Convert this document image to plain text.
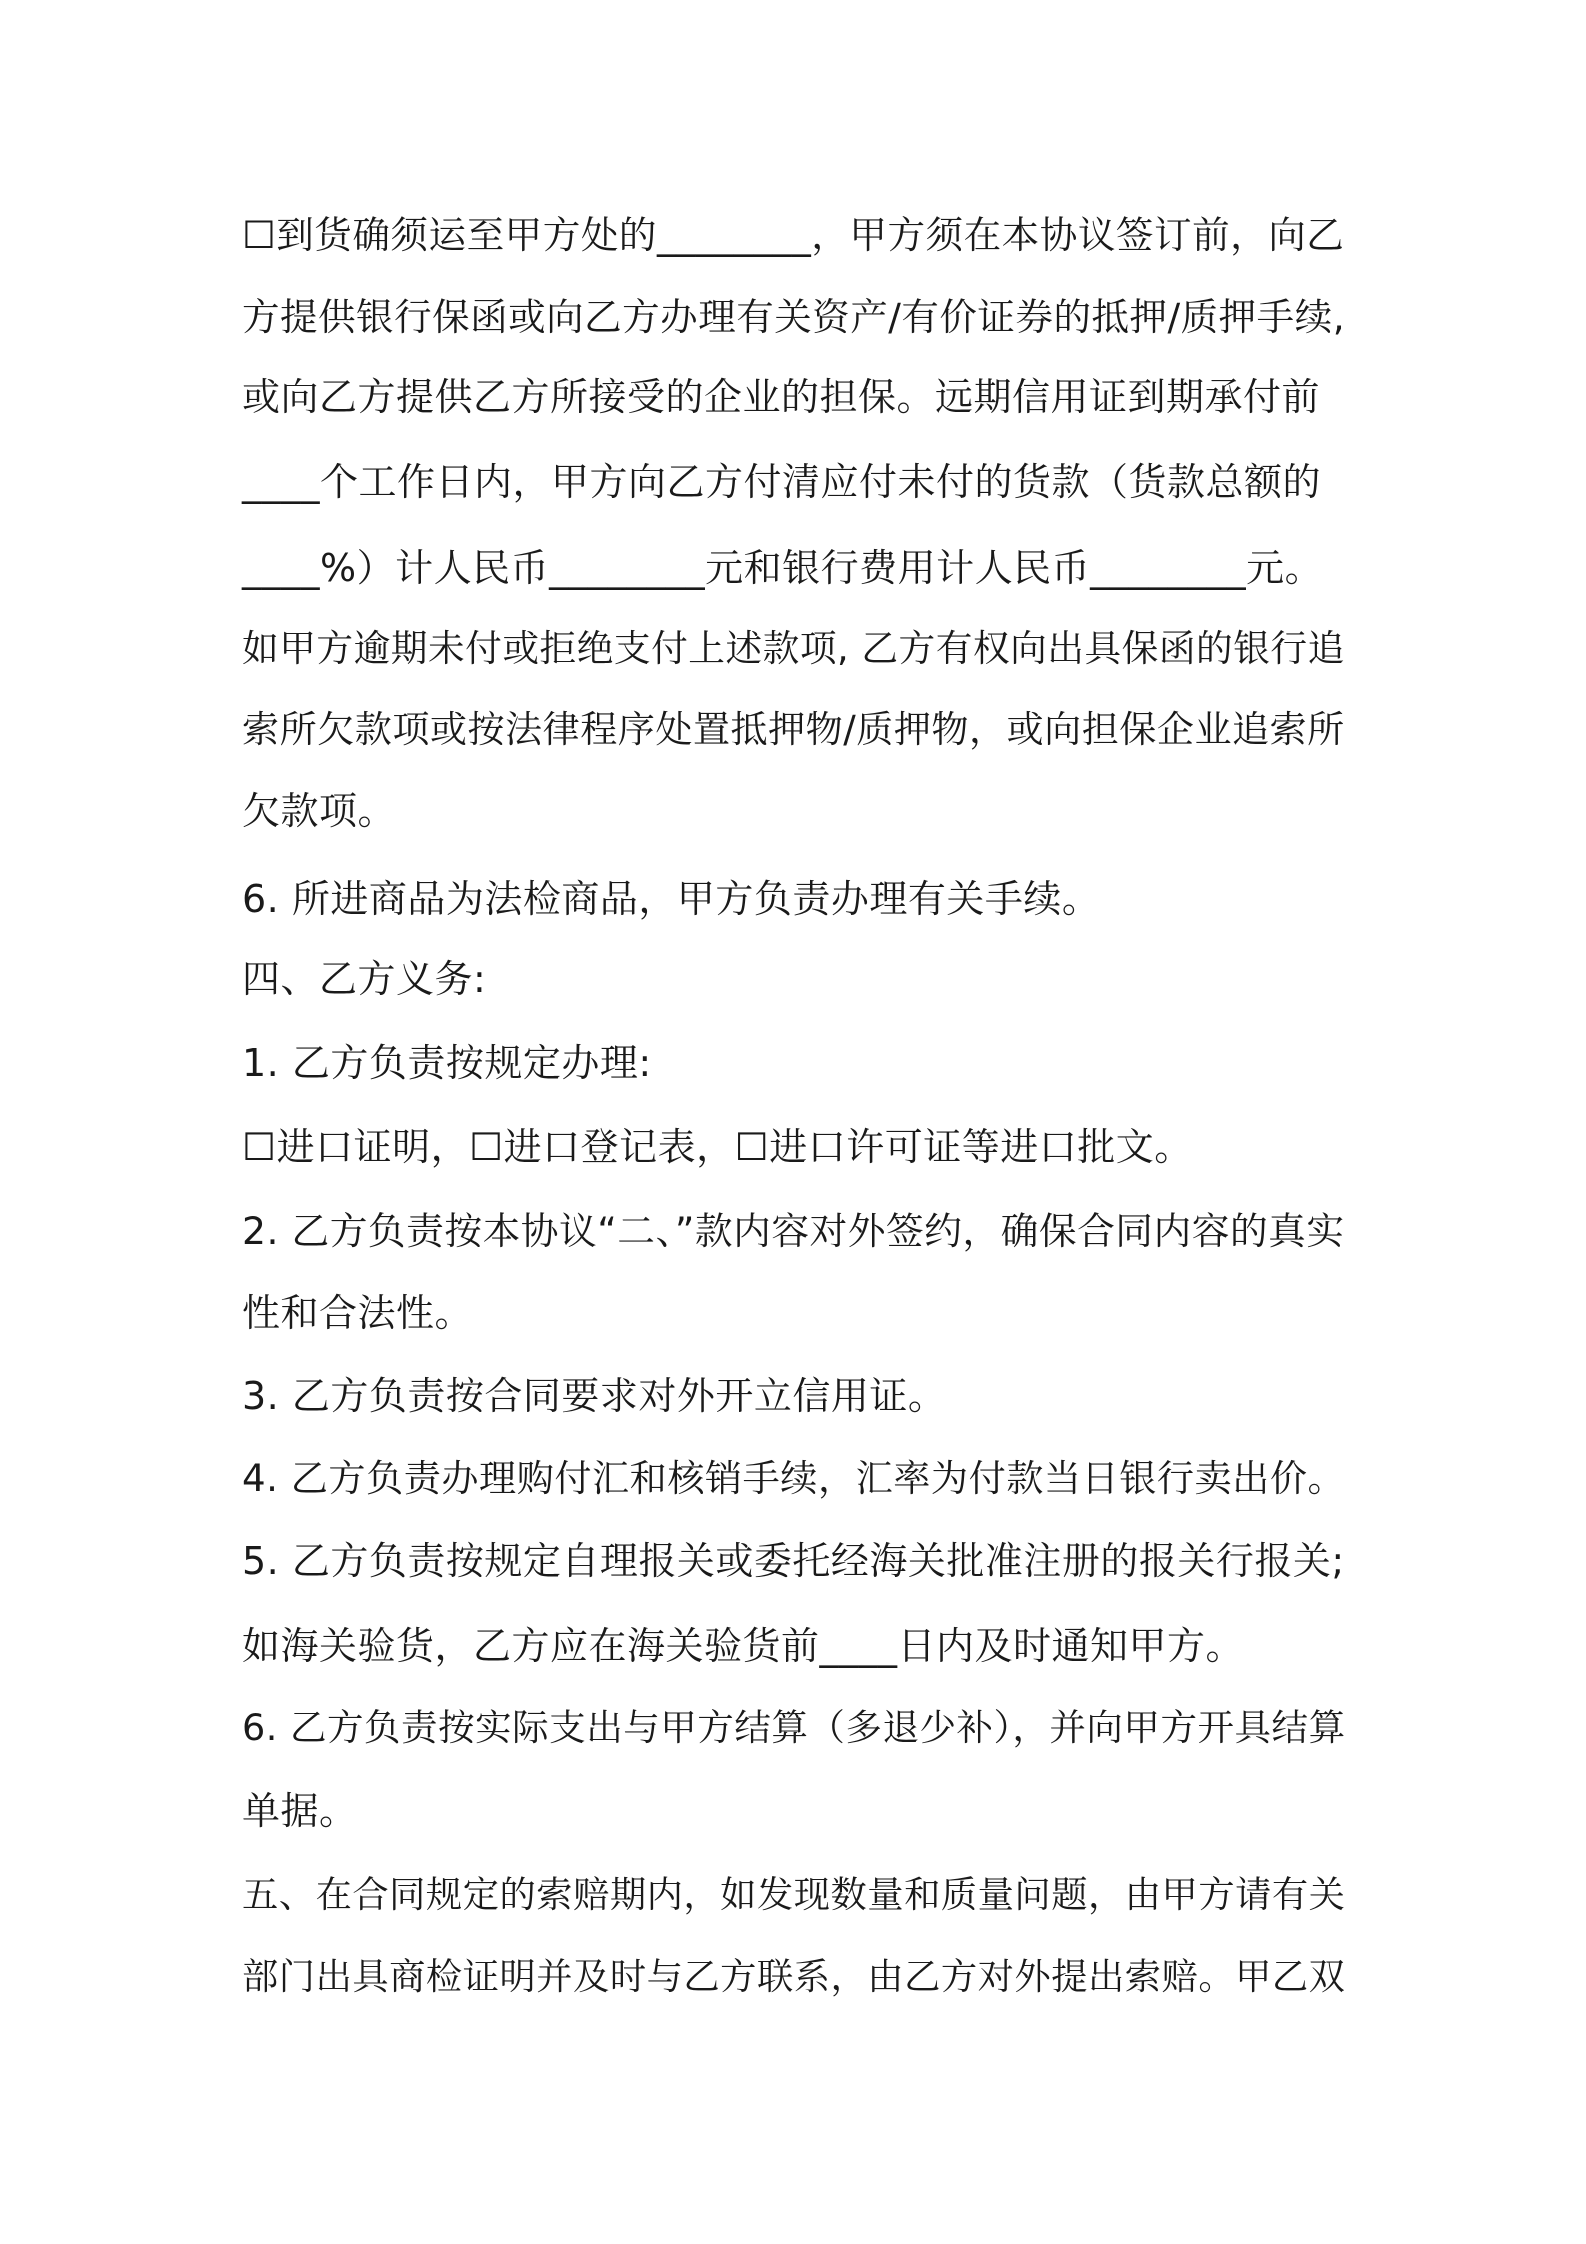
☐到货确须运至甲方处的________，甲方须在本协议签订前，向乙

方提供银行保函或向乙方办理有关资产/有价证券的抵押/质押手续,

或向乙方提供乙方所接受的企业的担保。远期信用证到期承付前

____个工作日内，甲方向乙方付清应付未付的货款（货款总额的

____%）计人民币________元和银行费用计人民币________元。

如甲方逾期未付或拒绝支付上述款项, 乙方有权向出具保函的银行追

索所欠款项或按法律程序处置抵押物/质押物，或向担保企业追索所

欠款项。

6. 所进商品为法检商品，甲方负责办理有关手续。

四、乙方义务:

1. 乙方负责按规定办理:

☐进口证明，☐进口登记表，☐进口许可证等进口批文。

2. 乙方负责按本协议“二、”款内容对外签约，确保合同内容的真实

性和合法性。

3. 乙方负责按合同要求对外开立信用证。

4. 乙方负责办理购付汇和核销手续，汇率为付款当日银行卖出价。

5. 乙方负责按规定自理报关或委托经海关批准注册的报关行报关;

如海关验货，乙方应在海关验货前____日内及时通知甲方。

6. 乙方负责按实际支出与甲方结算（多退少补），并向甲方开具结算

单据。

五、在合同规定的索赔期内，如发现数量和质量问题，由甲方请有关

部门出具商检证明并及时与乙方联系，由乙方对外提出索赔。甲乙双
